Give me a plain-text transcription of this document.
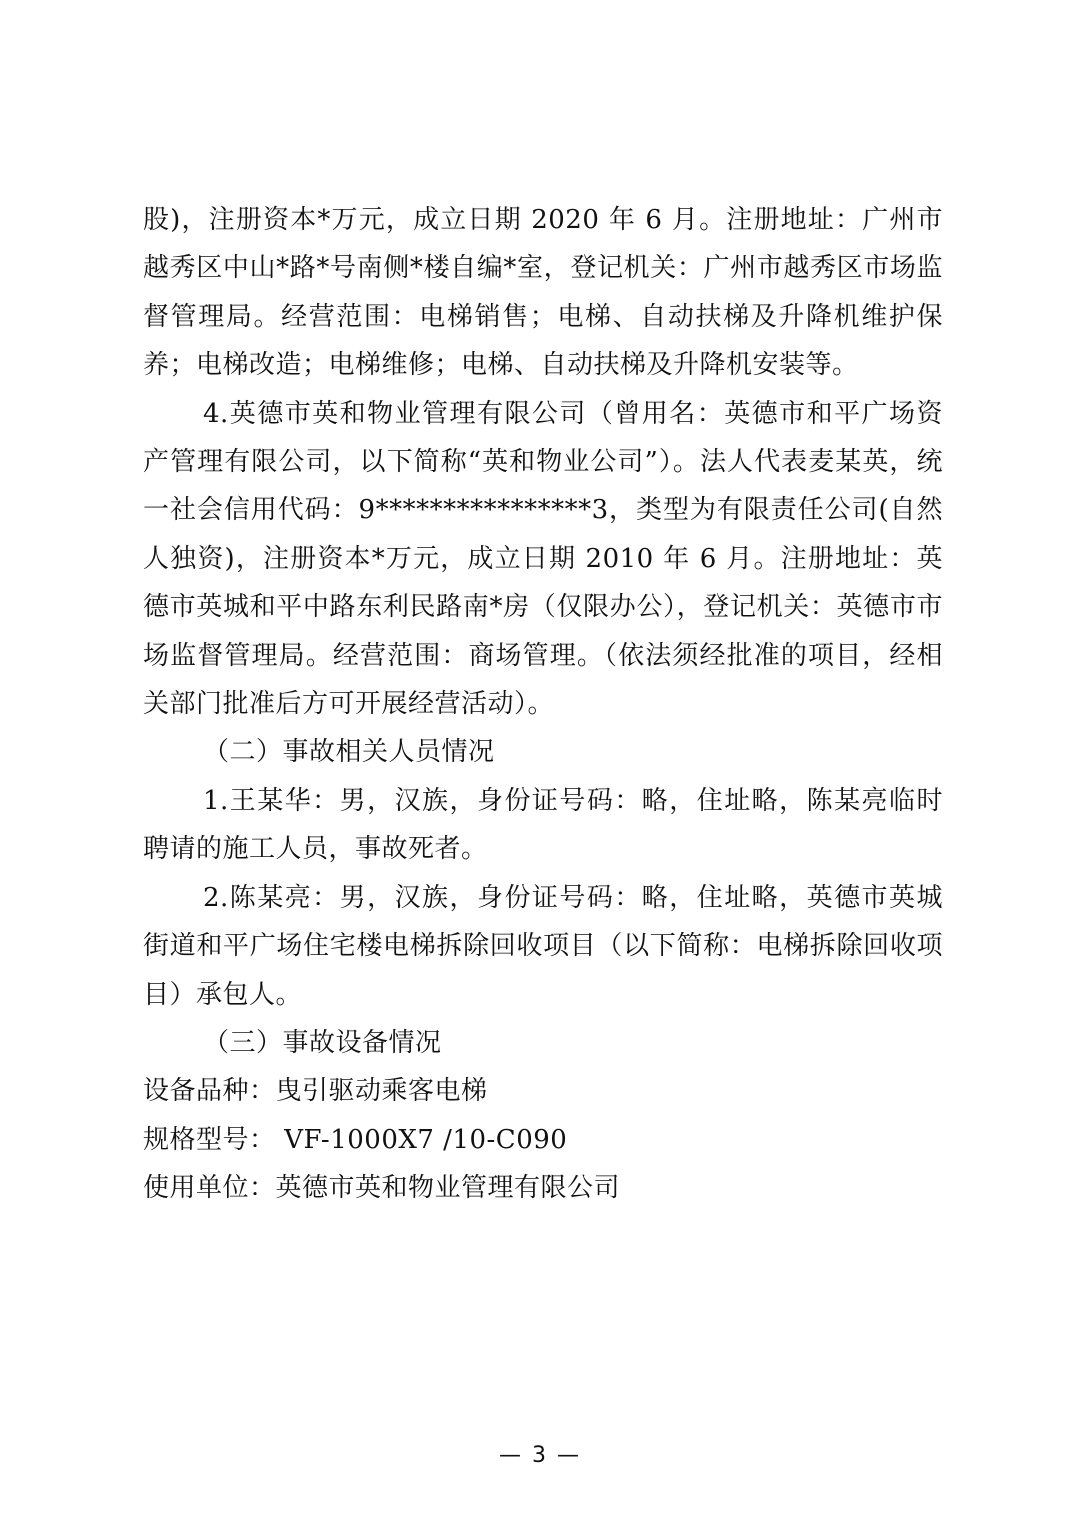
股)，注册资本*万元，成立日期 2020 年 6 月。注册地址：广州市越秀区中山*路*号南侧*楼自编*室，登记机关：广州市越秀区市场监督管理局。经营范围：电梯销售；电梯、自动扶梯及升降机维护保养；电梯改造；电梯维修；电梯、自动扶梯及升降机安装等。

4.英德市英和物业管理有限公司（曾用名：英德市和平广场资产管理有限公司，以下简称“英和物业公司”）。法人代表麦某英，统一社会信用代码：9****************3，类型为有限责任公司(自然人独资)，注册资本*万元，成立日期 2010 年 6 月。注册地址：英德市英城和平中路东利民路南*房（仅限办公），登记机关：英德市市场监督管理局。经营范围：商场管理。（依法须经批准的项目，经相关部门批准后方可开展经营活动）。

（二）事故相关人员情况

1.王某华：男，汉族，身份证号码：略，住址略，陈某亮临时聘请的施工人员，事故死者。

2.陈某亮：男，汉族，身份证号码：略，住址略，英德市英城街道和平广场住宅楼电梯拆除回收项目（以下简称：电梯拆除回收项目）承包人。

（三）事故设备情况

设备品种：曳引驱动乘客电梯

规格型号： VF-1000X7 /10-C090

使用单位：英德市英和物业管理有限公司

— 3 —
